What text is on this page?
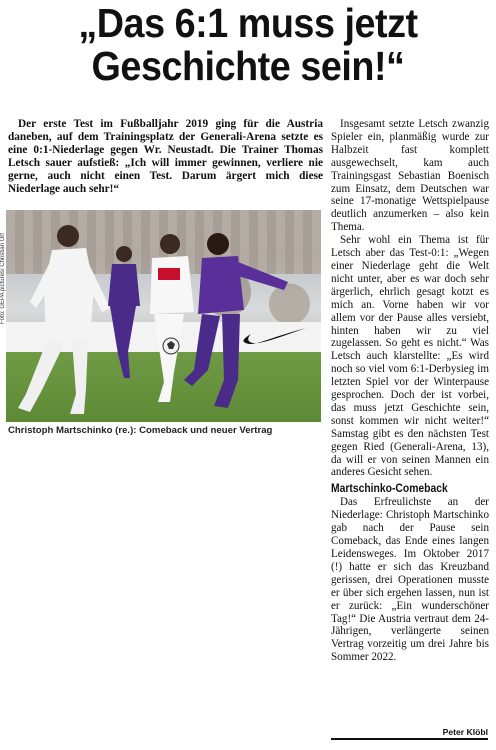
„Das 6:1 muss jetzt
Geschichte sein!“
Der erste Test im Fußballjahr 2019 ging für die Austria daneben, auf dem Trainingsplatz der Generali-Arena setzte es eine 0:1-Niederlage gegen Wr. Neustadt. Die Trainer Thomas Letsch sauer aufstieß: „Ich will immer gewinnen, verliere nie gerne, auch nicht einen Test. Darum ärgert mich diese Niederlage auch sehr!“
Foto: GEPA pictures/ Christian Ort
Christoph Martschinko (re.): Comeback und neuer Vertrag

Insgesamt setzte Letsch zwanzig Spieler ein, planmäßig wurde zur Halbzeit fast komplett ausgewechselt, kam auch Trainingsgast Sebastian Boenisch zum Einsatz, dem Deutschen war seine 17-monatige Wettspielpause deutlich anzumerken – also kein Thema.

Sehr wohl ein Thema ist für Letsch aber das Test-0:1: „Wegen einer Niederlage geht die Welt nicht unter, aber es war doch sehr ärgerlich, ehrlich gesagt kotzt es mich an. Vorne haben wir vor allem vor der Pause alles versiebt, hinten haben wir zu viel zugelassen. So geht es nicht.“ Was Letsch auch klarstellte: „Es wird noch so viel vom 6:1-Derbysieg im letzten Spiel vor der Winterpause gesprochen. Doch der ist vorbei, das muss jetzt Geschichte sein, sonst kommen wir nicht weiter!“ Samstag gibt es den nächsten Test gegen Ried (Generali-Arena, 13), da will er von seinen Mannen ein anderes Gesicht sehen.

Martschinko-Comeback

Das Erfreulichste an der Niederlage: Christoph Martschinko gab nach der Pause sein Comeback, das Ende eines langen Leidensweges. Im Oktober 2017 (!) hatte er sich das Kreuzband gerissen, drei Operationen musste er über sich ergehen lassen, nun ist er zurück: „Ein wunderschöner Tag!“ Die Austria vertraut dem 24-Jährigen, verlängerte seinen Vertrag vorzeitig um drei Jahre bis Sommer 2022.

Peter Klöbl
